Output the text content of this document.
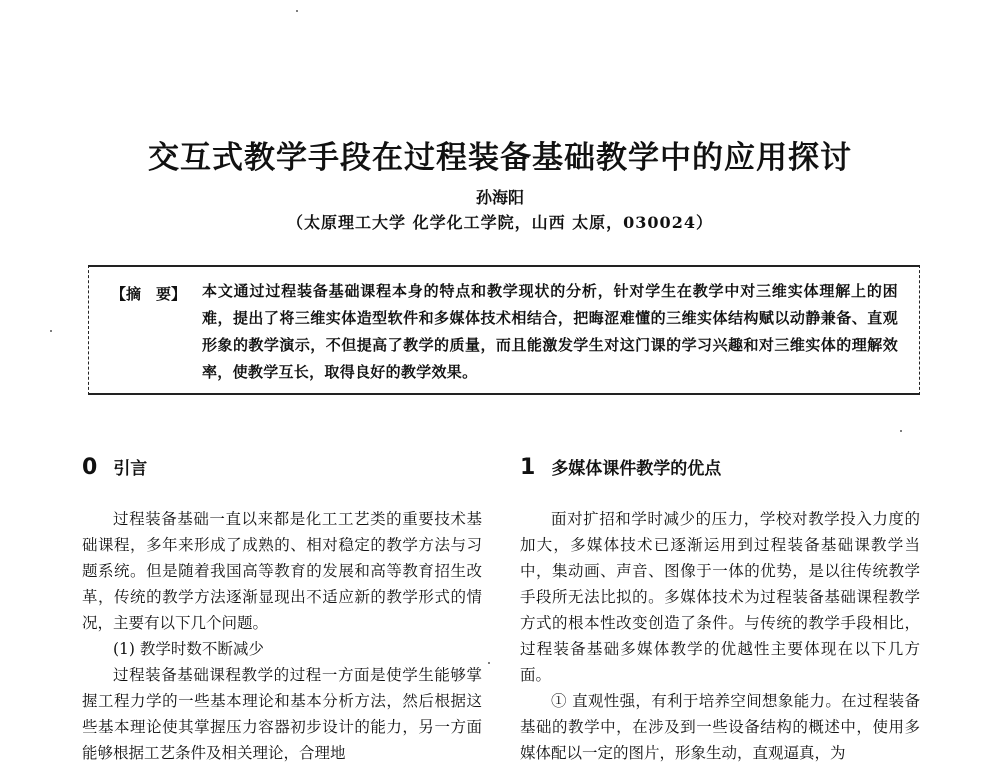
交互式教学手段在过程装备基础教学中的应用探讨
孙海阳
（太原理工大学 化学化工学院，山西 太原，030024）
【摘　要】 本文通过过程装备基础课程本身的特点和教学现状的分析，针对学生在教学中对三维实体理解上的困难，提出了将三维实体造型软件和多媒体技术相结合，把晦涩难懂的三维实体结构赋以动静兼备、直观形象的教学演示，不但提高了教学的质量，而且能激发学生对这门课的学习兴趣和对三维实体的理解效率，使教学互长，取得良好的教学效果。
0 引言

过程装备基础一直以来都是化工工艺类的重要技术基础课程，多年来形成了成熟的、相对稳定的教学方法与习题系统。但是随着我国高等教育的发展和高等教育招生改革，传统的教学方法逐渐显现出不适应新的教学形式的情况，主要有以下几个问题。

(1) 教学时数不断减少

过程装备基础课程教学的过程一方面是使学生能够掌握工程力学的一些基本理论和基本分析方法，然后根据这些基本理论使其掌握压力容器初步设计的能力，另一方面能够根据工艺条件及相关理论，合理地

1 多媒体课件教学的优点

面对扩招和学时减少的压力，学校对教学投入力度的加大，多媒体技术已逐渐运用到过程装备基础课教学当中，集动画、声音、图像于一体的优势，是以往传统教学手段所无法比拟的。多媒体技术为过程装备基础课程教学方式的根本性改变创造了条件。与传统的教学手段相比，过程装备基础多媒体教学的优越性主要体现在以下几方面。

① 直观性强，有利于培养空间想象能力。在过程装备基础的教学中，在涉及到一些设备结构的概述中，使用多媒体配以一定的图片，形象生动，直观逼真，为
